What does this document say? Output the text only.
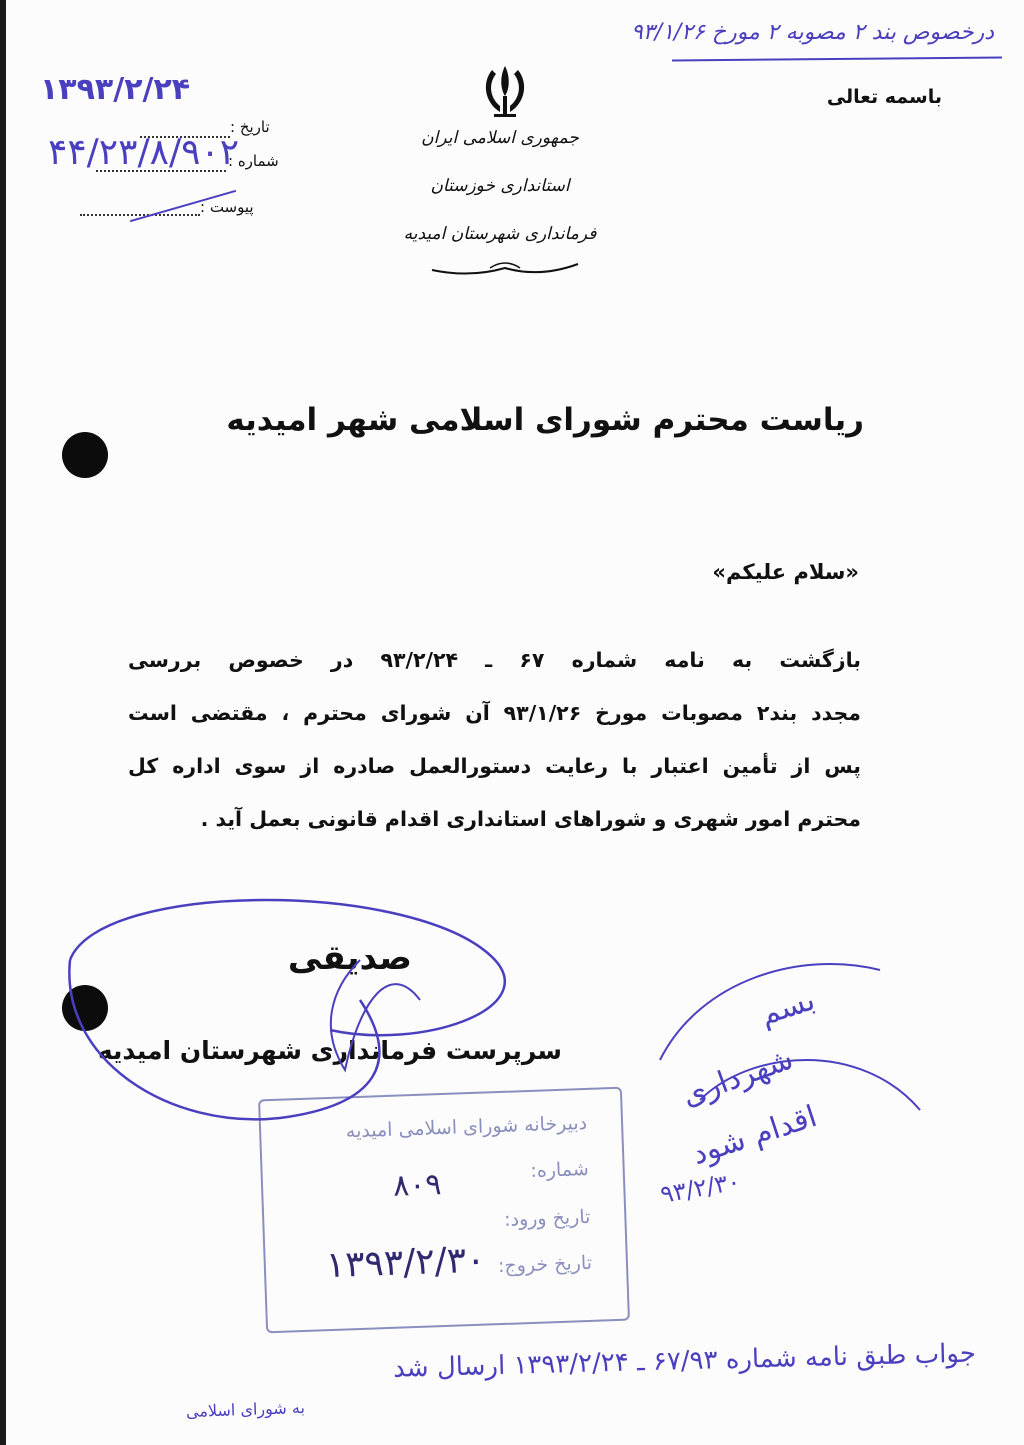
درخصوص بند ۲ مصوبه ۲ مورخ ۹۳/۱/۲۶
باسمه تعالی
جمهوری اسلامی ایران
استانداری خوزستان
فرمانداری شهرستان امیدیه
تاریخ :
شماره :
پیوست :
۱۳۹۳/۲/۲۴
۴۴/۲۳/۸/۹۰۲
ریاست محترم شورای اسلامی شهر امیدیه
«سلام علیکم»
بازگشت به نامه شماره ۶۷ ـ ۹۳/۲/۲۴ در خصوص بررسی
مجدد بند۲ مصوبات مورخ ۹۳/۱/۲۶ آن شورای محترم ، مقتضی است
پس از تأمین اعتبار با رعایت دستورالعمل صادره از سوی اداره کل
محترم امور شهری و شوراهای استانداری اقدام قانونی بعمل آید .
صدیقی
سرپرست فرمانداری شهرستان امیدیه
دبیرخانه شورای اسلامی امیدیه
شماره:
تاریخ ورود:
تاریخ خروج:
۸۰۹
۱۳۹۳/۲/۳۰
بسم
شهرداری
اقدام شود
۹۳/۲/۳۰
جواب طبق نامه شماره ۶۷/۹۳ ـ ۱۳۹۳/۲/۲۴ ارسال شد
به شورای اسلامی
